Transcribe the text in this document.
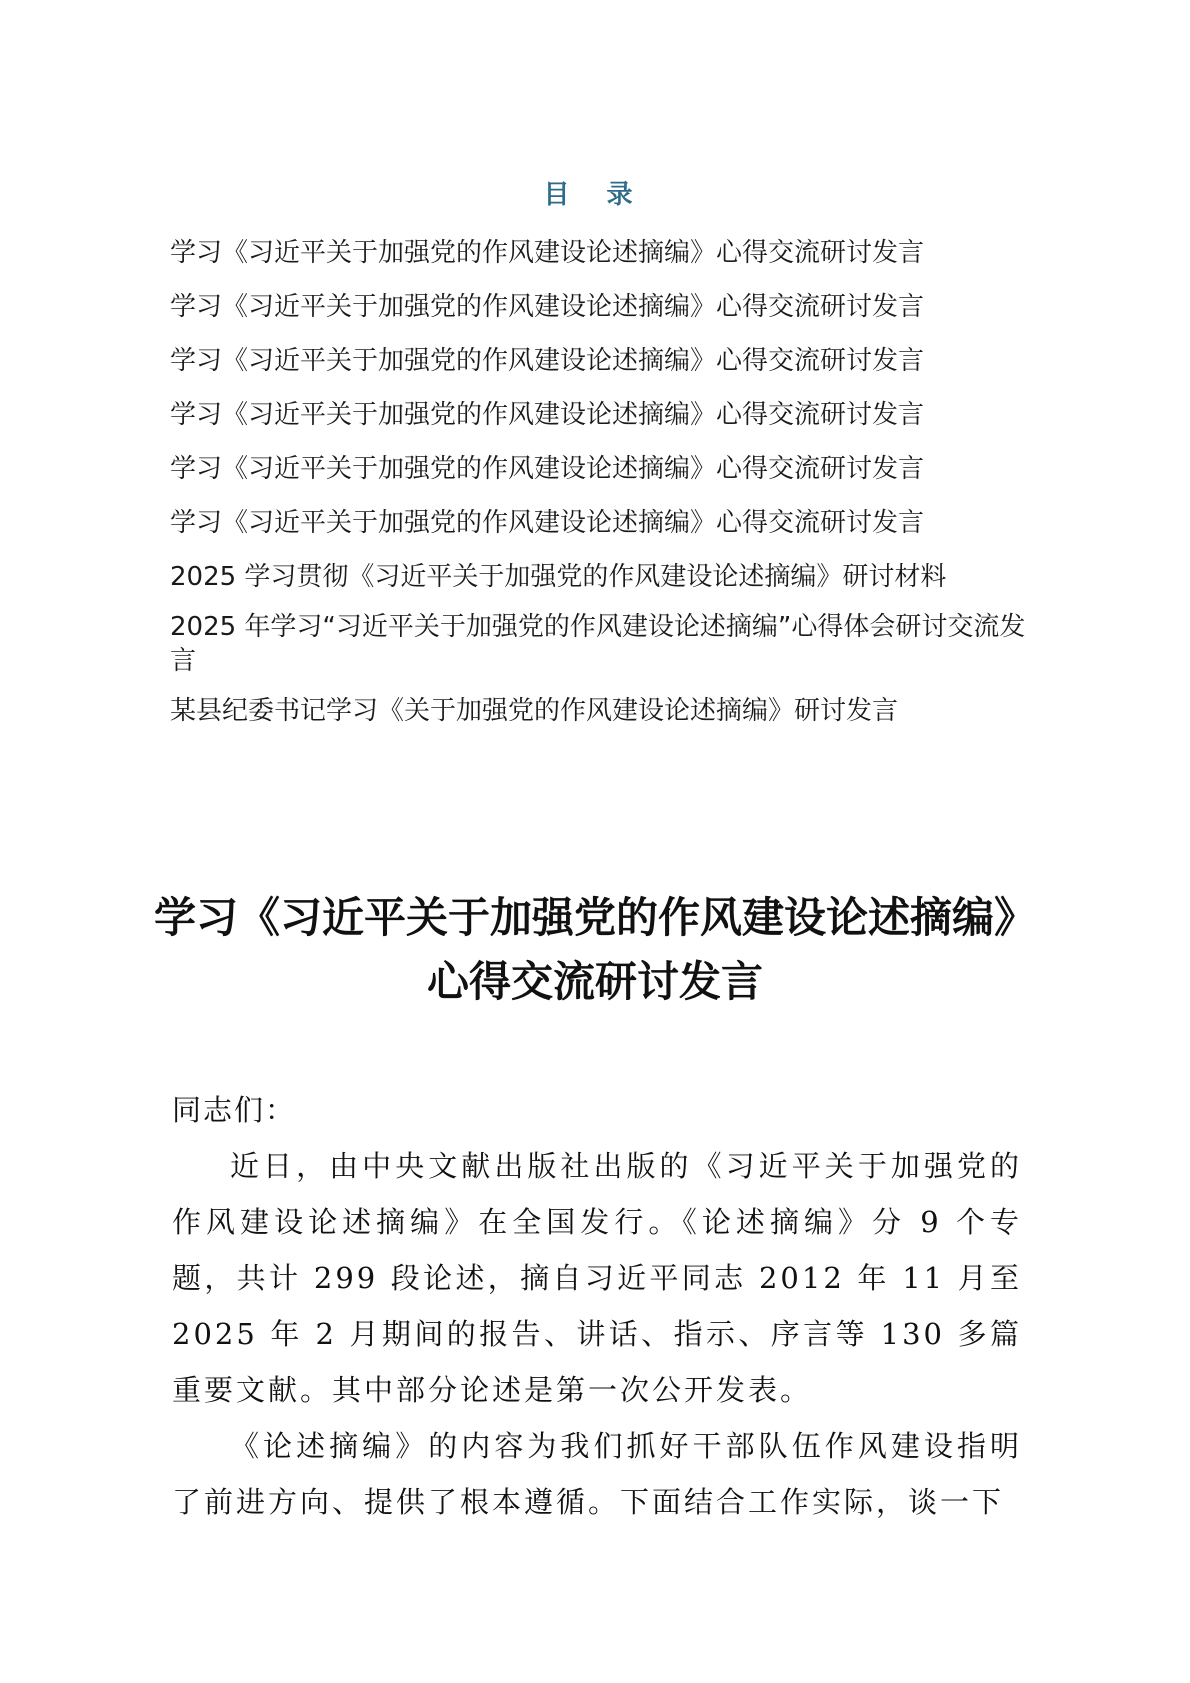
目 录
学习《习近平关于加强党的作风建设论述摘编》心得交流研讨发言
学习《习近平关于加强党的作风建设论述摘编》心得交流研讨发言
学习《习近平关于加强党的作风建设论述摘编》心得交流研讨发言
学习《习近平关于加强党的作风建设论述摘编》心得交流研讨发言
学习《习近平关于加强党的作风建设论述摘编》心得交流研讨发言
学习《习近平关于加强党的作风建设论述摘编》心得交流研讨发言
2025 学习贯彻《习近平关于加强党的作风建设论述摘编》研讨材料
2025 年学习“习近平关于加强党的作风建设论述摘编”心得体会研讨交流发言
某县纪委书记学习《关于加强党的作风建设论述摘编》研讨发言
学习《习近平关于加强党的作风建设论述摘编》心得交流研讨发言

同志们：

近日，由中央文献出版社出版的《习近平关于加强党的作风建设论述摘编》在全国发行。《论述摘编》分 9 个专题，共计 299 段论述，摘自习近平同志 2012 年 11 月至 2025 年 2 月期间的报告、讲话、指示、序言等 130 多篇重要文献。其中部分论述是第一次公开发表。

《论述摘编》的内容为我们抓好干部队伍作风建设指明了前进方向、提供了根本遵循。下面结合工作实际，谈一下
